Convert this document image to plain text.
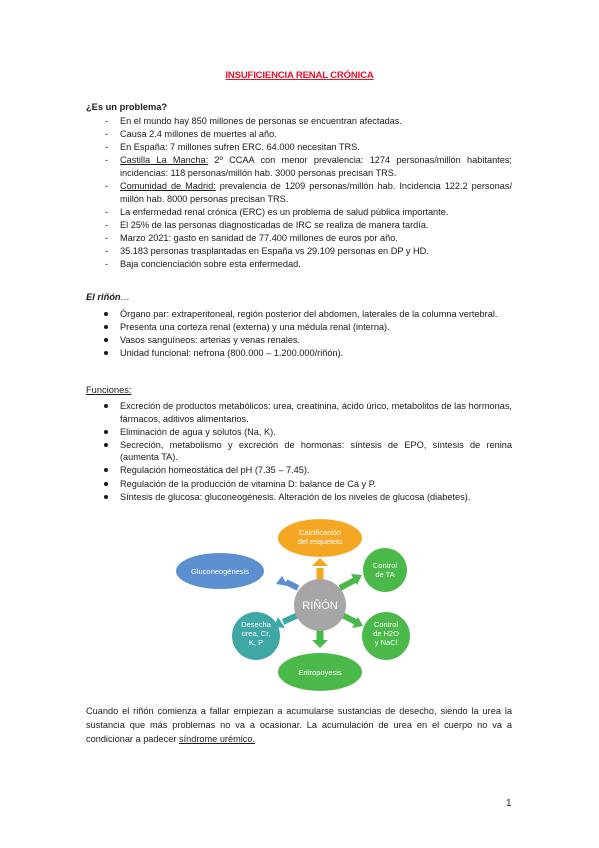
INSUFICIENCIA RENAL CRÓNICA
¿Es un problema?
- En el mundo hay 850 millones de personas se encuentran afectadas.
- Causa 2.4 millones de muertes al año.
- En España: 7 millones sufren ERC. 64.000 necesitan TRS.
- Castilla La Mancha: 2º CCAA con menor prevalencia: 1274 personas/millón habitantes; incidencias: 118 personas/millón hab. 3000 personas precisan TRS.
- Comunidad de Madrid: prevalencia de 1209 personas/millón hab. Incidencia 122.2 personas/ millón hab. 8000 personas precisan TRS.
- La enfermedad renal crónica (ERC) es un problema de salud pública importante.
- El 25% de las personas diagnosticadas de IRC se realiza de manera tardía.
- Marzo 2021: gasto en sanidad de 77.400 millones de euros por año.
- 35.183 personas trasplantadas en España vs 29.109 personas en DP y HD.
- Baja concienciación sobre esta enfermedad.
El riñón…
Órgano par: extraperitoneal, región posterior del abdomen, laterales de la columna vertebral.
Presenta una corteza renal (externa) y una médula renal (interna).
Vasos sanguíneos: arterias y venas renales.
Unidad funcional: nefrona (800.000 – 1.200.000/riñón).
Funciones:
Excreción de productos metabólicos: urea, creatinina, ácido úrico, metabolitos de las hormonas, fármacos, aditivos alimentarios.
Eliminación de agua y solutos (Na, K).
Secreción, metabolismo y excreción de hormonas: síntesis de EPO, síntesis de renina (aumenta TA).
Regulación homeostática del pH (7.35 – 7.45).
Regulación de la producción de vitamina D: balance de Ca y P.
Síntesis de glucosa: gluconeogénesis. Alteración de los niveles de glucosa (diabetes).
RIÑÓN
Calcificación
del esqueleto
Control
de TA
Control
de H2O
y NaCl
Eritropoyesis
Desecha
urea, Cr,
K, P
Gluconeogénesis
Cuando el riñón comienza a fallar empiezan a acumularse sustancias de desecho, siendo la urea la sustancia que más problemas no va a ocasionar. La acumulación de urea en el cuerpo no va a condicionar a padecer síndrome urémico.
1
